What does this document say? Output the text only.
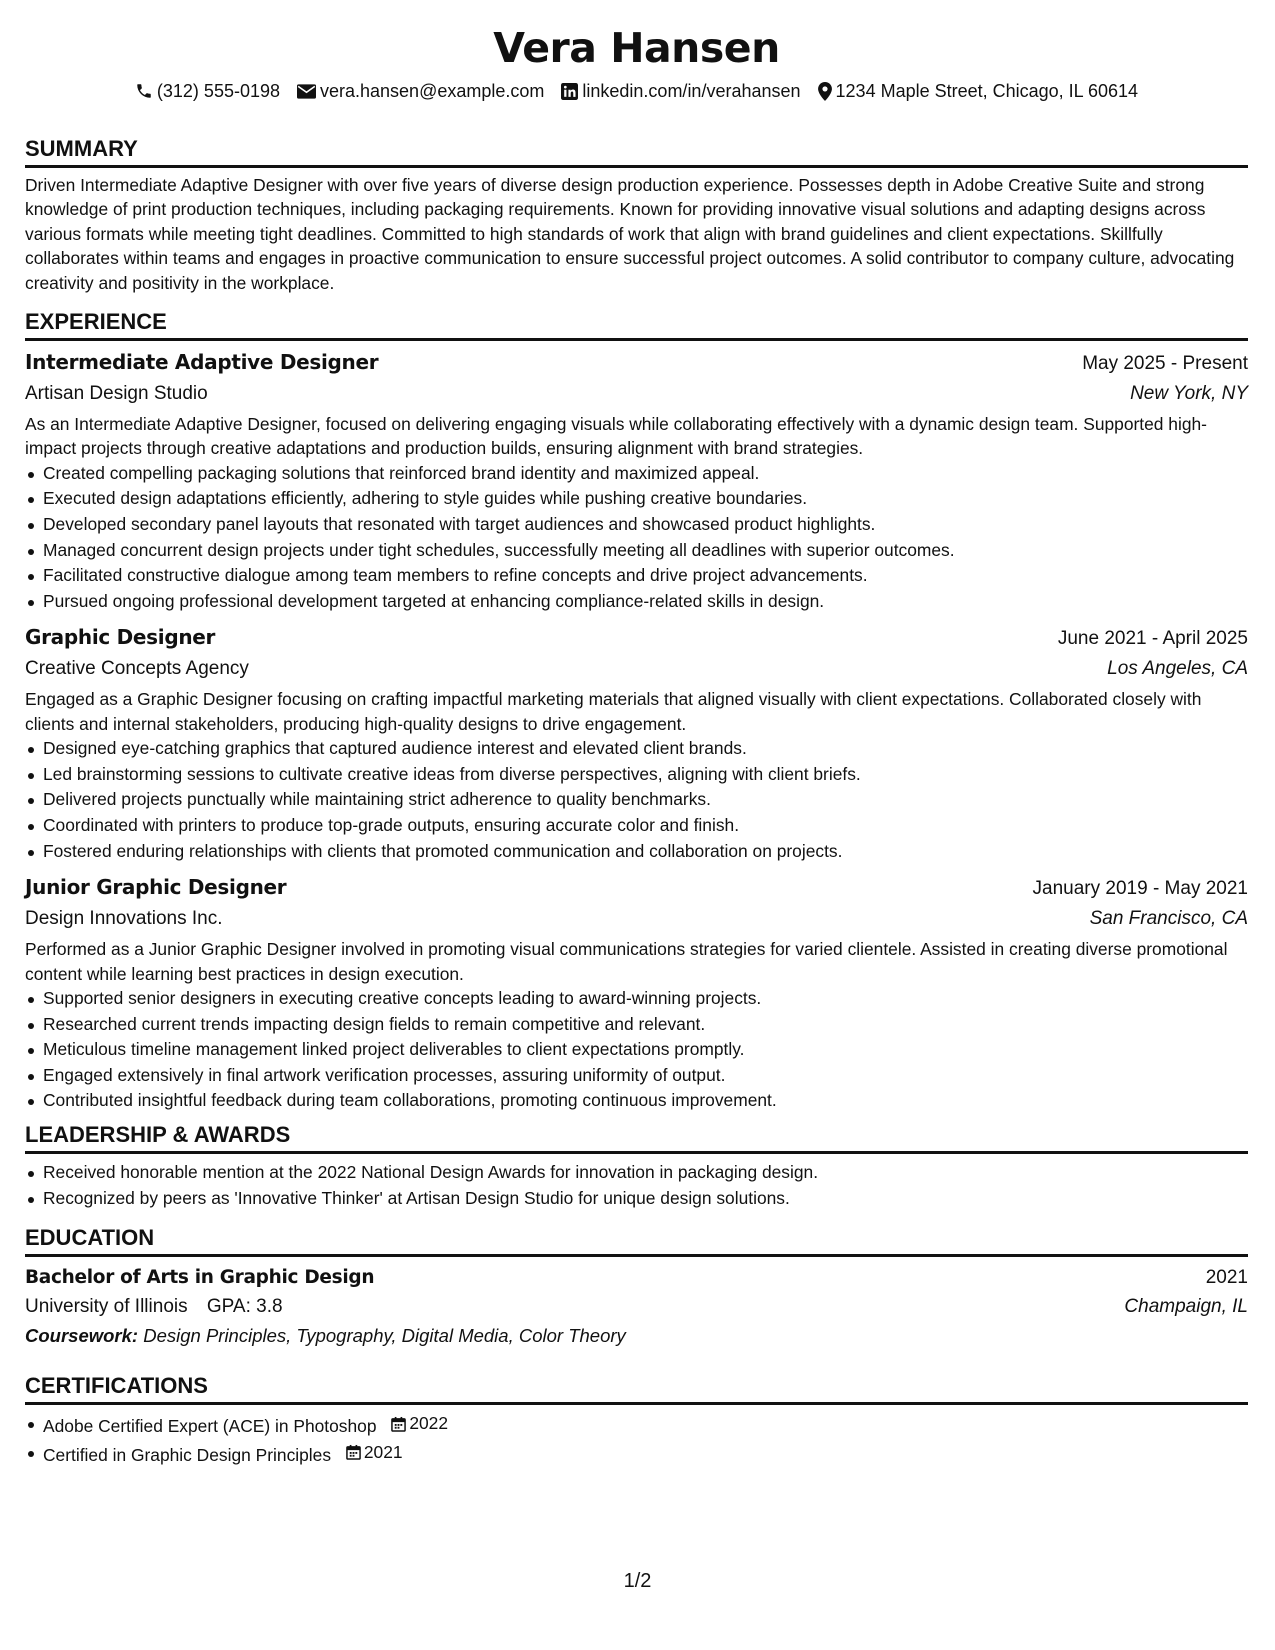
Vera Hansen
(312) 555-0198 vera.hansen@example.com linkedin.com/in/verahansen 1234 Maple Street, Chicago, IL 60614
SUMMARY

Driven Intermediate Adaptive Designer with over five years of diverse design production experience. Possesses depth in Adobe Creative Suite and strong knowledge of print production techniques, including packaging requirements. Known for providing innovative visual solutions and adapting designs across various formats while meeting tight deadlines. Committed to high standards of work that align with brand guidelines and client expectations. Skillfully collaborates within teams and engages in proactive communication to ensure successful project outcomes. A solid contributor to company culture, advocating creativity and positivity in the workplace.

EXPERIENCE
Intermediate Adaptive Designer	May 2025 - Present
Artisan Design Studio	New York, NY

As an Intermediate Adaptive Designer, focused on delivering engaging visuals while collaborating effectively with a dynamic design team. Supported high-impact projects through creative adaptations and production builds, ensuring alignment with brand strategies.

Created compelling packaging solutions that reinforced brand identity and maximized appeal.
Executed design adaptations efficiently, adhering to style guides while pushing creative boundaries.
Developed secondary panel layouts that resonated with target audiences and showcased product highlights.
Managed concurrent design projects under tight schedules, successfully meeting all deadlines with superior outcomes.
Facilitated constructive dialogue among team members to refine concepts and drive project advancements.
Pursued ongoing professional development targeted at enhancing compliance-related skills in design.
Graphic Designer	June 2021 - April 2025
Creative Concepts Agency	Los Angeles, CA

Engaged as a Graphic Designer focusing on crafting impactful marketing materials that aligned visually with client expectations. Collaborated closely with clients and internal stakeholders, producing high-quality designs to drive engagement.

Designed eye-catching graphics that captured audience interest and elevated client brands.
Led brainstorming sessions to cultivate creative ideas from diverse perspectives, aligning with client briefs.
Delivered projects punctually while maintaining strict adherence to quality benchmarks.
Coordinated with printers to produce top-grade outputs, ensuring accurate color and finish.
Fostered enduring relationships with clients that promoted communication and collaboration on projects.
Junior Graphic Designer	January 2019 - May 2021
Design Innovations Inc.	San Francisco, CA

Performed as a Junior Graphic Designer involved in promoting visual communications strategies for varied clientele. Assisted in creating diverse promotional content while learning best practices in design execution.

Supported senior designers in executing creative concepts leading to award-winning projects.
Researched current trends impacting design fields to remain competitive and relevant.
Meticulous timeline management linked project deliverables to client expectations promptly.
Engaged extensively in final artwork verification processes, assuring uniformity of output.
Contributed insightful feedback during team collaborations, promoting continuous improvement.
LEADERSHIP & AWARDS
Received honorable mention at the 2022 National Design Awards for innovation in packaging design.
Recognized by peers as 'Innovative Thinker' at Artisan Design Studio for unique design solutions.
EDUCATION
Bachelor of Arts in Graphic Design	2021
University of Illinois GPA: 3.8	Champaign, IL
Coursework: Design Principles, Typography, Digital Media, Color Theory
CERTIFICATIONS
Adobe Certified Expert (ACE) in Photoshop 2022
Certified in Graphic Design Principles 2021
1/2
